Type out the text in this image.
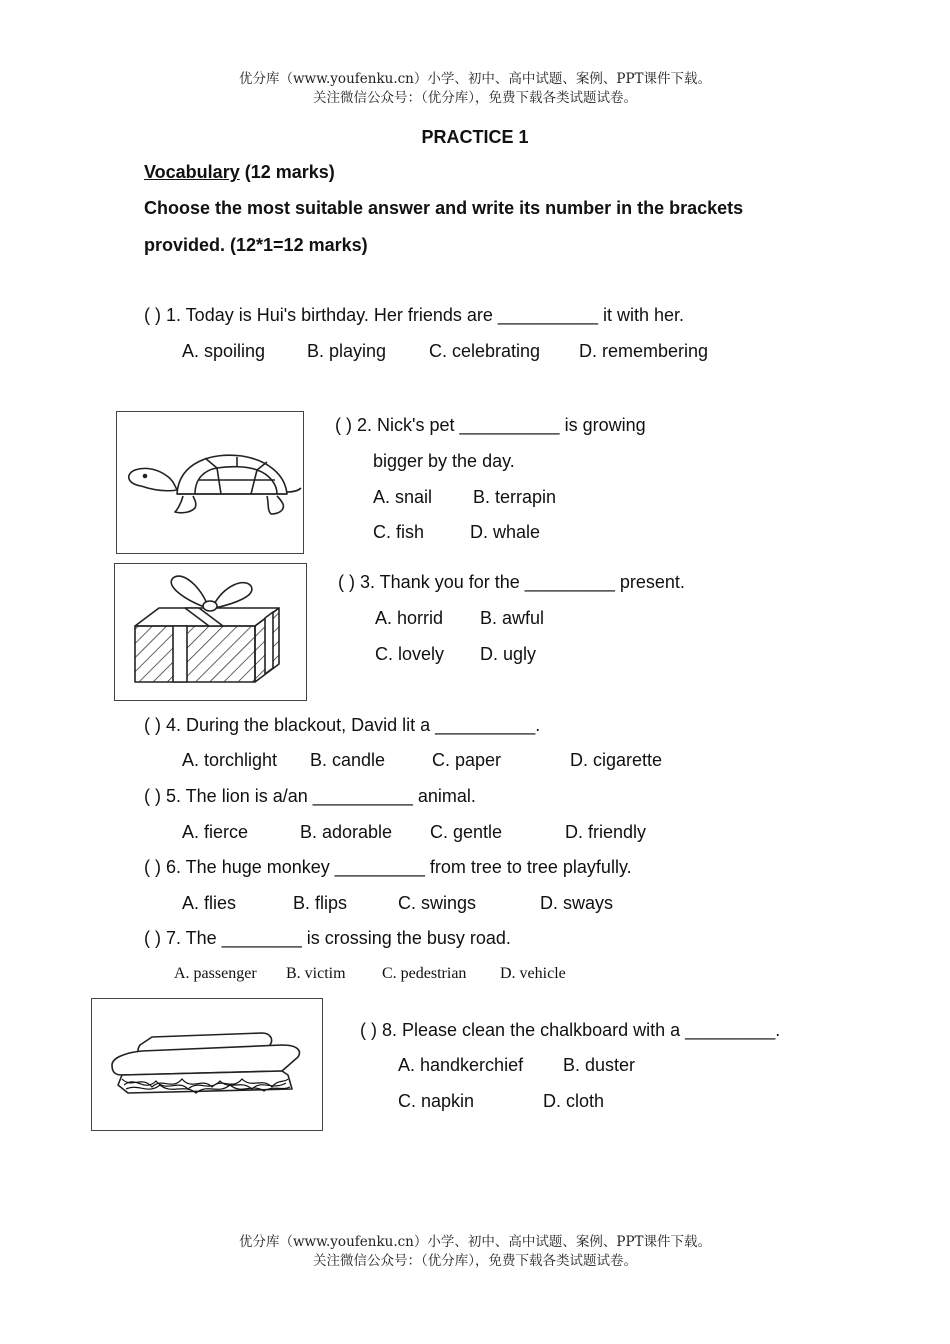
优分库（www.youfenku.cn）小学、初中、高中试题、案例、PPT课件下载。
关注微信公众号：（优分库），免费下载各类试题试卷。
PRACTICE 1
Vocabulary (12 marks)
Choose the most suitable answer and write its number in the brackets
provided. (12*1=12 marks)
( ) 1. Today is Hui's birthday. Her friends are __________ it with her.
A. spoiling B. playing C. celebrating D. remembering
( ) 2. Nick's pet __________ is growing
bigger by the day.
A. snail B. terrapin
C. fish	D. whale
( ) 3. Thank you for the _________ present.
A. horrid B. awful
C. lovely D. ugly
( ) 4. During the blackout, David lit a __________.
A. torchlight B. candle	C. paper	D. cigarette
( ) 5. The lion is a/an __________ animal.
A. fierce	B. adorable C. gentle	D. friendly
( ) 6. The huge monkey _________ from tree to tree playfully.
A. flies	B. flips	C. swings	D. sways
( ) 7. The ________ is crossing the busy road.
A. passenger B. victim C. pedestrian D. vehicle
( ) 8. Please clean the chalkboard with a _________.
A. handkerchief B. duster
C. napkin	D. cloth
优分库（www.youfenku.cn）小学、初中、高中试题、案例、PPT课件下载。
关注微信公众号：（优分库），免费下载各类试题试卷。
